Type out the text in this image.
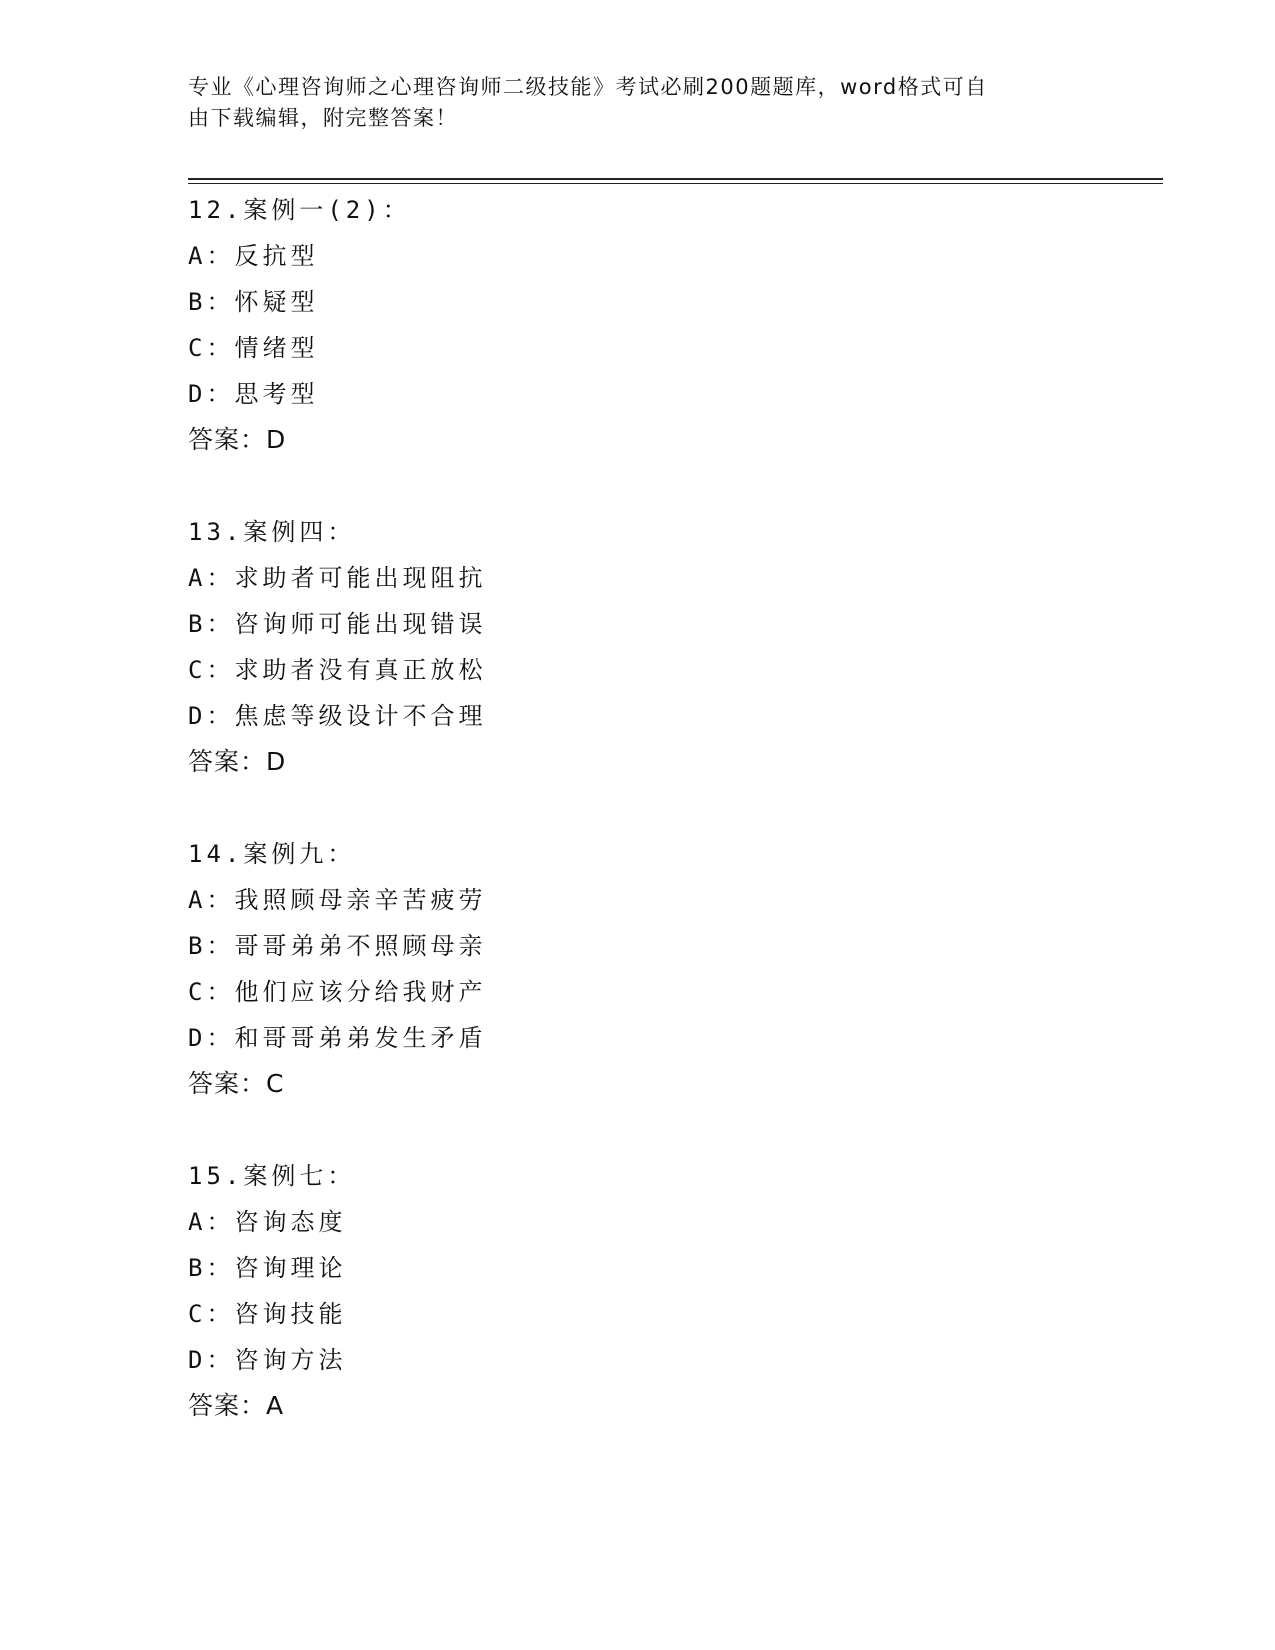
专业《心理咨询师之心理咨询师二级技能》考试必刷200题题库，word格式可自
由下载编辑，附完整答案！
12.案例一(2)：
A：反抗型
B：怀疑型
C：情绪型
D：思考型
答案：D
13.案例四：
A：求助者可能出现阻抗
B：咨询师可能出现错误
C：求助者没有真正放松
D：焦虑等级设计不合理
答案：D
14.案例九：
A：我照顾母亲辛苦疲劳
B：哥哥弟弟不照顾母亲
C：他们应该分给我财产
D：和哥哥弟弟发生矛盾
答案：C
15.案例七：
A：咨询态度
B：咨询理论
C：咨询技能
D：咨询方法
答案：A
